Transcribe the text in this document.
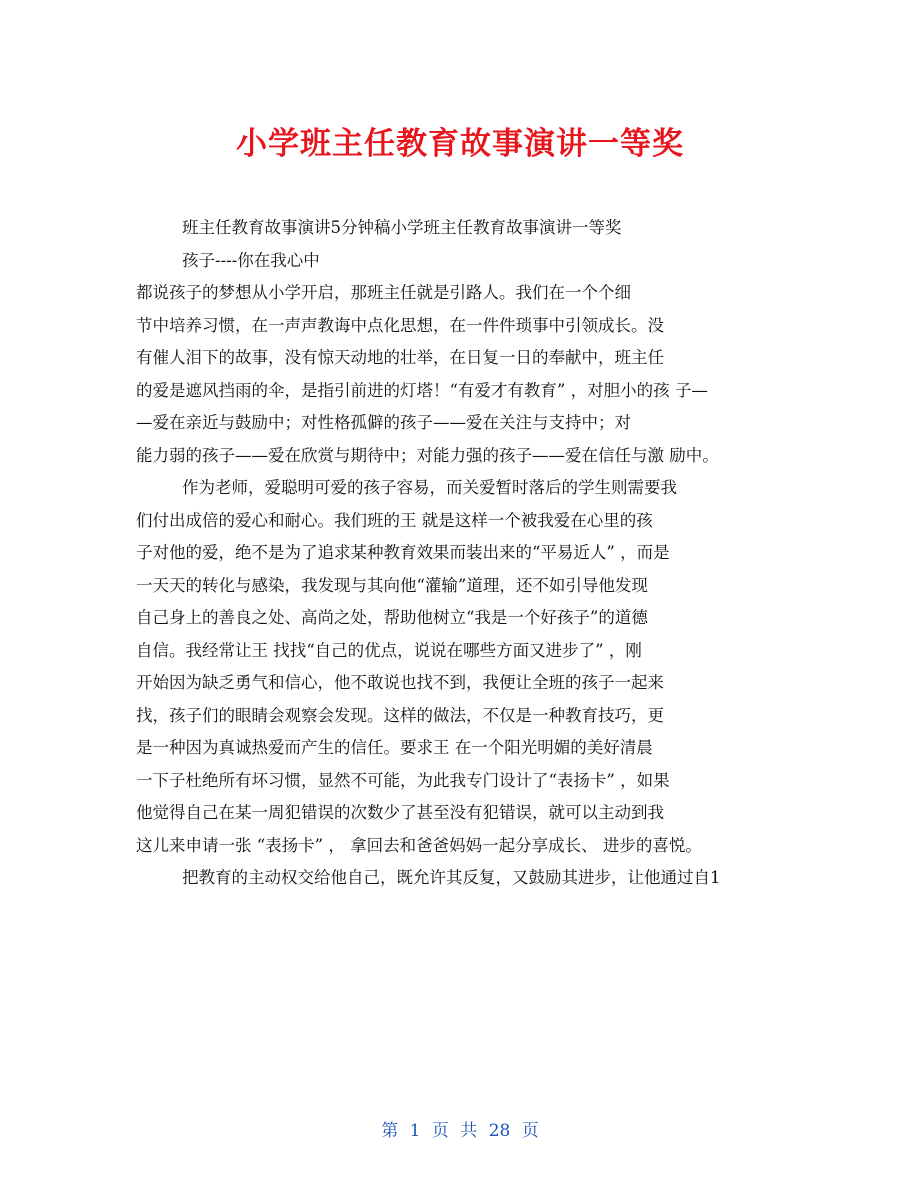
小学班主任教育故事演讲一等奖
班主任教育故事演讲5分钟稿小学班主任教育故事演讲一等奖
孩子----你在我心中
都说孩子的梦想从小学开启，那班主任就是引路人。我们在一个个细
节中培养习惯，在一声声教诲中点化思想，在一件件琐事中引领成长。没
有催人泪下的故事，没有惊天动地的壮举，在日复一日的奉献中，班主任
的爱是遮风挡雨的伞，是指引前进的灯塔！“有爱才有教育” ，对胆小的孩 子—
—爱在亲近与鼓励中；对性格孤僻的孩子——爱在关注与支持中；对
能力弱的孩子——爱在欣赏与期待中；对能力强的孩子——爱在信任与激 励中。
作为老师，爱聪明可爱的孩子容易，而关爱暂时落后的学生则需要我
们付出成倍的爱心和耐心。我们班的王 就是这样一个被我爱在心里的孩
子对他的爱，绝不是为了追求某种教育效果而装出来的“平易近人” ，而是
一天天的转化与感染，我发现与其向他“灌输”道理，还不如引导他发现
自己身上的善良之处、高尚之处，帮助他树立“我是一个好孩子”的道德
自信。我经常让王 找找“自己的优点，说说在哪些方面又进步了” ，刚
开始因为缺乏勇气和信心，他不敢说也找不到，我便让全班的孩子一起来
找，孩子们的眼睛会观察会发现。这样的做法，不仅是一种教育技巧，更
是一种因为真诚热爱而产生的信任。要求王 在一个阳光明媚的美好清晨
一下子杜绝所有坏习惯，显然不可能，为此我专门设计了“表扬卡” ，如果
他觉得自己在某一周犯错误的次数少了甚至没有犯错误，就可以主动到我
这儿来申请一张 “表扬卡” ， 拿回去和爸爸妈妈一起分享成长、 进步的喜悦。
把教育的主动权交给他自己，既允许其反复，又鼓励其进步，让他通过自1
第 1 页 共 28 页
